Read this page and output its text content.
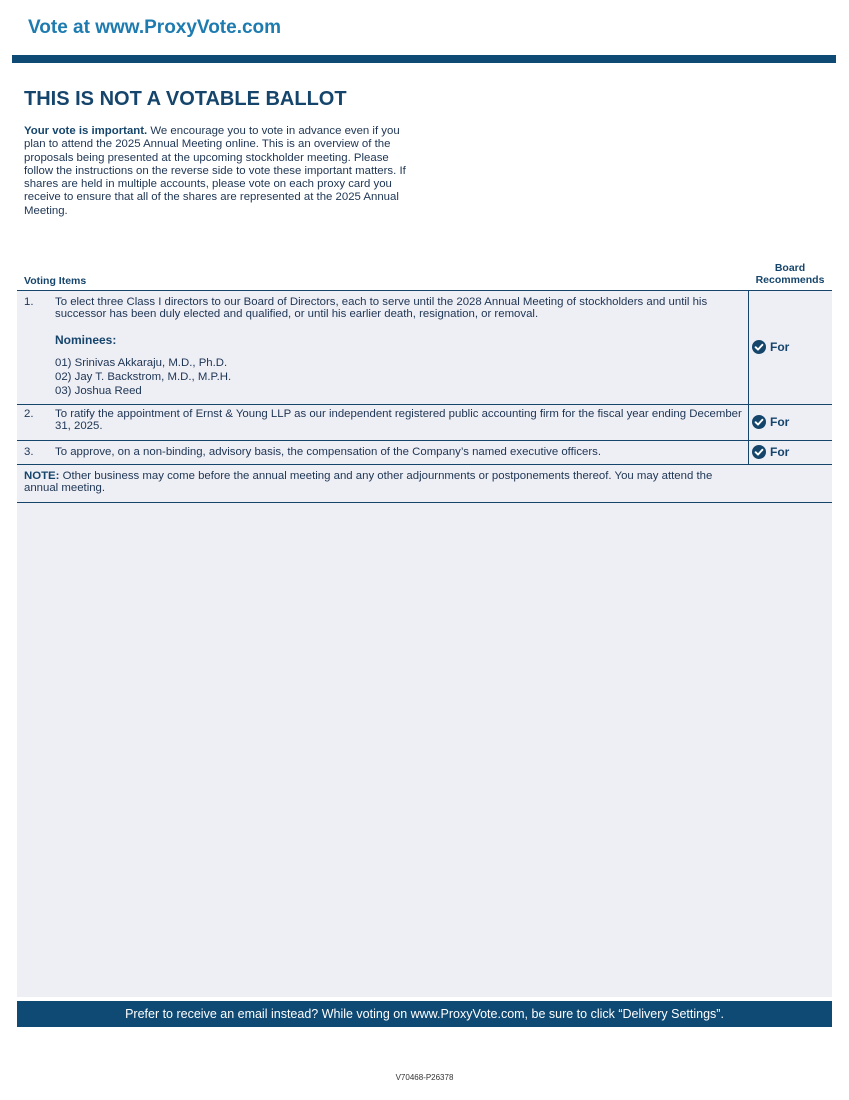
Vote at www.ProxyVote.com
THIS IS NOT A VOTABLE BALLOT
Your vote is important. We encourage you to vote in advance even if you plan to attend the 2025 Annual Meeting online. This is an overview of the proposals being presented at the upcoming stockholder meeting. Please follow the instructions on the reverse side to vote these important matters. If shares are held in multiple accounts, please vote on each proxy card you receive to ensure that all of the shares are represented at the 2025 Annual Meeting.
Voting Items
Board
Recommends
1. To elect three Class I directors to our Board of Directors, each to serve until the 2028 Annual Meeting of stockholders and until his successor has been duly elected and qualified, or until his earlier death, resignation, or removal.
Nominees:
01) Srinivas Akkaraju, M.D., Ph.D.
02) Jay T. Backstrom, M.D., M.P.H.
03) Joshua Reed
For
2. To ratify the appointment of Ernst & Young LLP as our independent registered public accounting firm for the fiscal year ending December 31, 2025.	For
3. To approve, on a non-binding, advisory basis, the compensation of the Company’s named executive officers.	For
NOTE: Other business may come before the annual meeting and any other adjournments or postponements thereof. You may attend the annual meeting.
Prefer to receive an email instead? While voting on www.ProxyVote.com, be sure to click “Delivery Settings”.
V70468-P26378
